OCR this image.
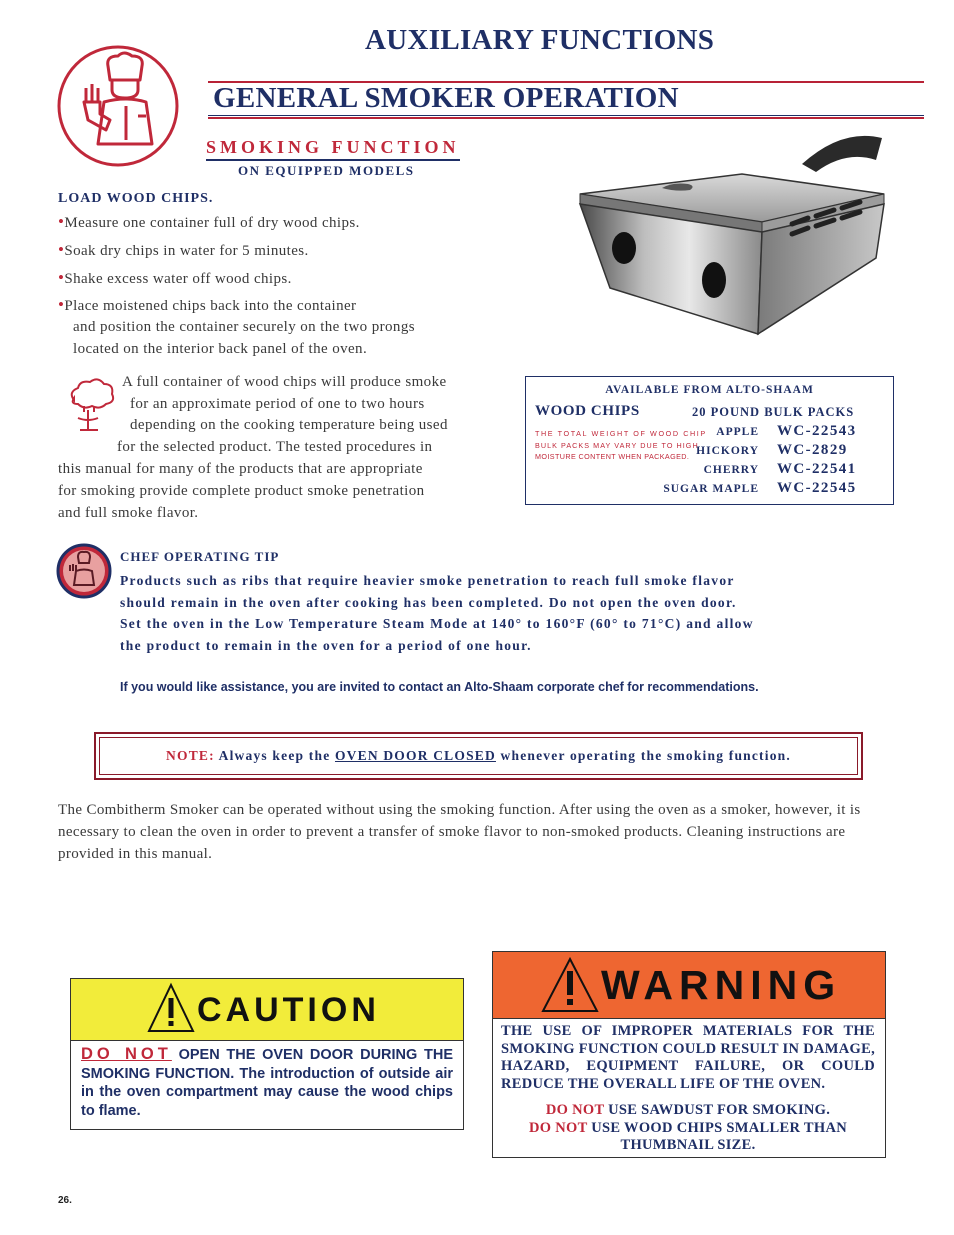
AUXILIARY FUNCTIONS
GENERAL SMOKER OPERATION
SMOKING FUNCTION
ON EQUIPPED MODELS
LOAD WOOD CHIPS.
•Measure one container full of dry wood chips.
•Soak dry chips in water for 5 minutes.
•Shake excess water off wood chips.
•Place moistened chips back into the container
and position the container securely on the two prongs
located on the interior back panel of the oven.
A full container of wood chips will produce smoke
for an approximate period of one to two hours
depending on the cooking temperature being used
for the selected product. The tested procedures in
this manual for many of the products that are appropriate
for smoking provide complete product smoke penetration
and full smoke flavor.
AVAILABLE FROM ALTO-SHAAM
WOOD CHIPS	20 POUND BULK PACKS
THE TOTAL WEIGHT OF WOOD CHIP
BULK PACKS MAY VARY DUE TO HIGH
MOISTURE CONTENT WHEN PACKAGED.
APPLE WC-22543
HICKORY WC-2829
CHERRY WC-22541
SUGAR MAPLE WC-22545
CHEF OPERATING TIP
Products such as ribs that require heavier smoke penetration to reach full smoke flavor
should remain in the oven after cooking has been completed. Do not open the oven door.
Set the oven in the Low Temperature Steam Mode at 140° to 160°F (60° to 71°C) and allow
the product to remain in the oven for a period of one hour.
If you would like assistance, you are invited to contact an Alto-Shaam corporate chef for recommendations.
NOTE: Always keep the OVEN DOOR CLOSED whenever operating the smoking function.
The Combitherm Smoker can be operated without using the smoking function. After using the oven as a smoker, however, it is necessary to clean the oven in order to prevent a transfer of smoke flavor to non-smoked products. Cleaning instructions are provided in this manual.
CAUTION
DO NOT OPEN THE OVEN DOOR DURING THE SMOKING FUNCTION. The introduction of outside air in the oven compartment may cause the wood chips to flame.
WARNING
THE USE OF IMPROPER MATERIALS FOR THE SMOKING FUNCTION COULD RESULT IN DAMAGE, HAZARD, EQUIPMENT FAILURE, OR COULD REDUCE THE OVERALL LIFE OF THE OVEN.
DO NOT USE SAWDUST FOR SMOKING.
DO NOT USE WOOD CHIPS SMALLER THAN THUMBNAIL SIZE.
26.
